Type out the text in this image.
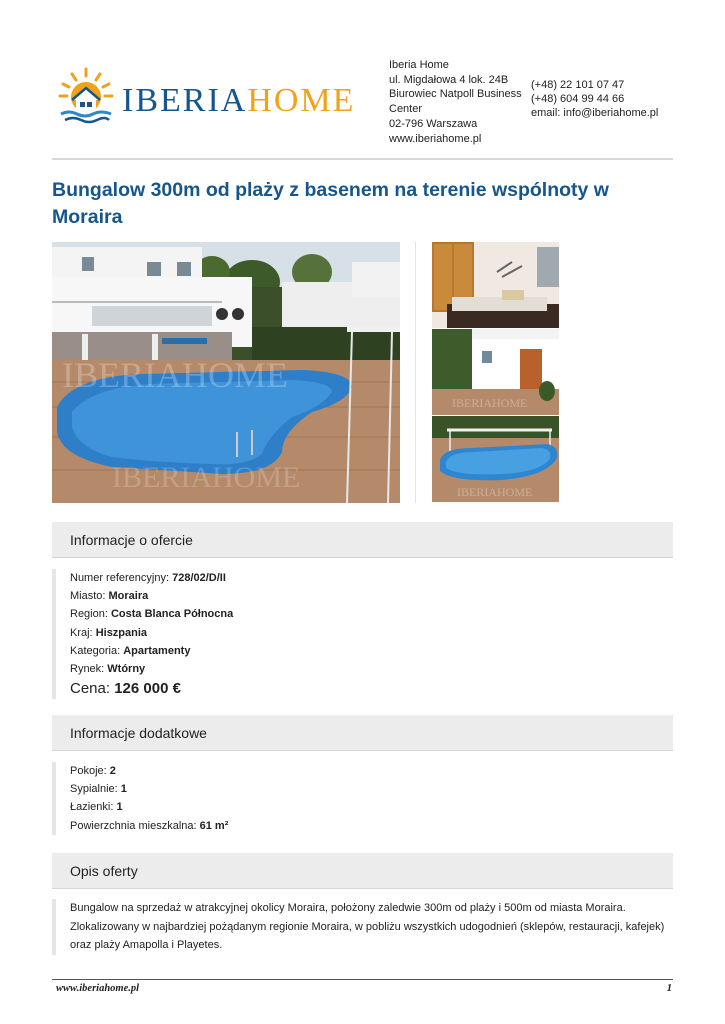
IBERIAHOME
Iberia Home
ul. Migdałowa 4 lok. 24B
Biurowiec Natpoll Business Center
02-796 Warszawa
www.iberiahome.pl
(+48) 22 101 07 47
(+48) 604 99 44 66
email: info@iberiahome.pl
Bungalow 300m od plaży z basenem na terenie wspólnoty w Moraira
IBERIAHOME
IBERIAHOME
IBERIAHOME
IBERIAHOME
Informacje o ofercie
Numer referencyjny: 728/02/D/II
Miasto: Moraira
Region: Costa Blanca Północna
Kraj: Hiszpania
Kategoria: Apartamenty
Rynek: Wtórny
Cena: 126 000 €
Informacje dodatkowe
Pokoje: 2
Sypialnie: 1
Łazienki: 1
Powierzchnia mieszkalna: 61 m²
Opis oferty
Bungalow na sprzedaż w atrakcyjnej okolicy Moraira, położony zaledwie 300m od plaży i 500m od miasta Moraira.
Zlokalizowany w najbardziej pożądanym regionie Moraira, w pobliżu wszystkich udogodnień (sklepów, restauracji, kafejek)
oraz plaży Amapolla i Playetes.
www.iberiahome.pl	1
